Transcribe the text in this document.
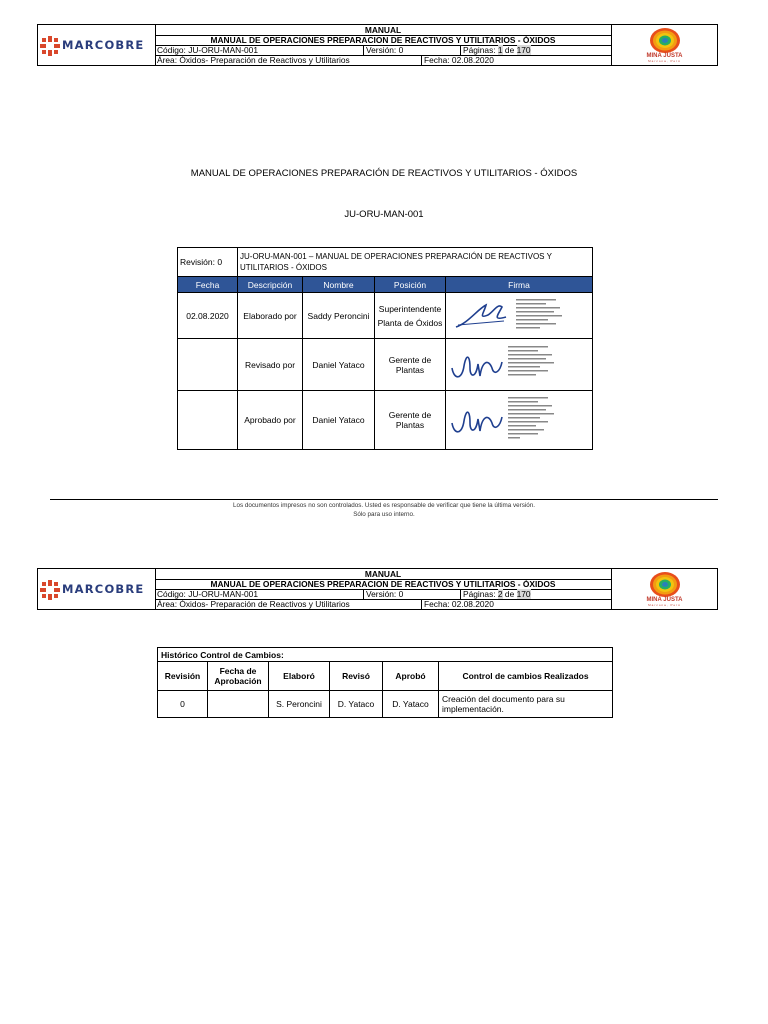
MARCOBRE
MANUAL
MANUAL DE OPERACIONES PREPARACION DE REACTIVOS Y UTILITARIOS - ÓXIDOS
Código: JU-ORU-MAN-001	Versión: 0	Páginas: 1 de 170
Área: Óxidos- Preparación de Reactivos y Utilitarios	Fecha: 02.08.2020	MINA JUSTA
Marcona, Perú
MANUAL DE OPERACIONES PREPARACIÓN DE REACTIVOS Y UTILITARIOS - ÓXIDOS
JU-ORU-MAN-001
Revisión: 0	JU-ORU-MAN-001 – MANUAL DE OPERACIONES PREPARACIÓN DE REACTIVOS Y UTILITARIOS - ÓXIDOS			
Fecha	Descripción	Nombre	Posición	Firma
02.08.2020	Elaborado por	Saddy Peroncini	Superintendente Planta de Óxidos	
	Revisado por	Daniel Yataco	Gerente de Plantas	
	Aprobado por	Daniel Yataco	Gerente de Plantas	
Los documentos impresos no son controlados. Usted es responsable de verificar que tiene la última versión.
Sólo para uso interno.
MARCOBRE
MANUAL
MANUAL DE OPERACIONES PREPARACION DE REACTIVOS Y UTILITARIOS - ÓXIDOS
Código: JU-ORU-MAN-001	Versión: 0	Páginas: 2 de 170
Área: Óxidos- Preparación de Reactivos y Utilitarios	Fecha: 02.08.2020	MINA JUSTA
Marcona, Perú
Histórico Control de Cambios:					
Revisión	Fecha de Aprobación	Elaboró	Revisó	Aprobó	Control de cambios Realizados
0		S. Peroncini	D. Yataco	D. Yataco	Creación del documento para su implementación.
